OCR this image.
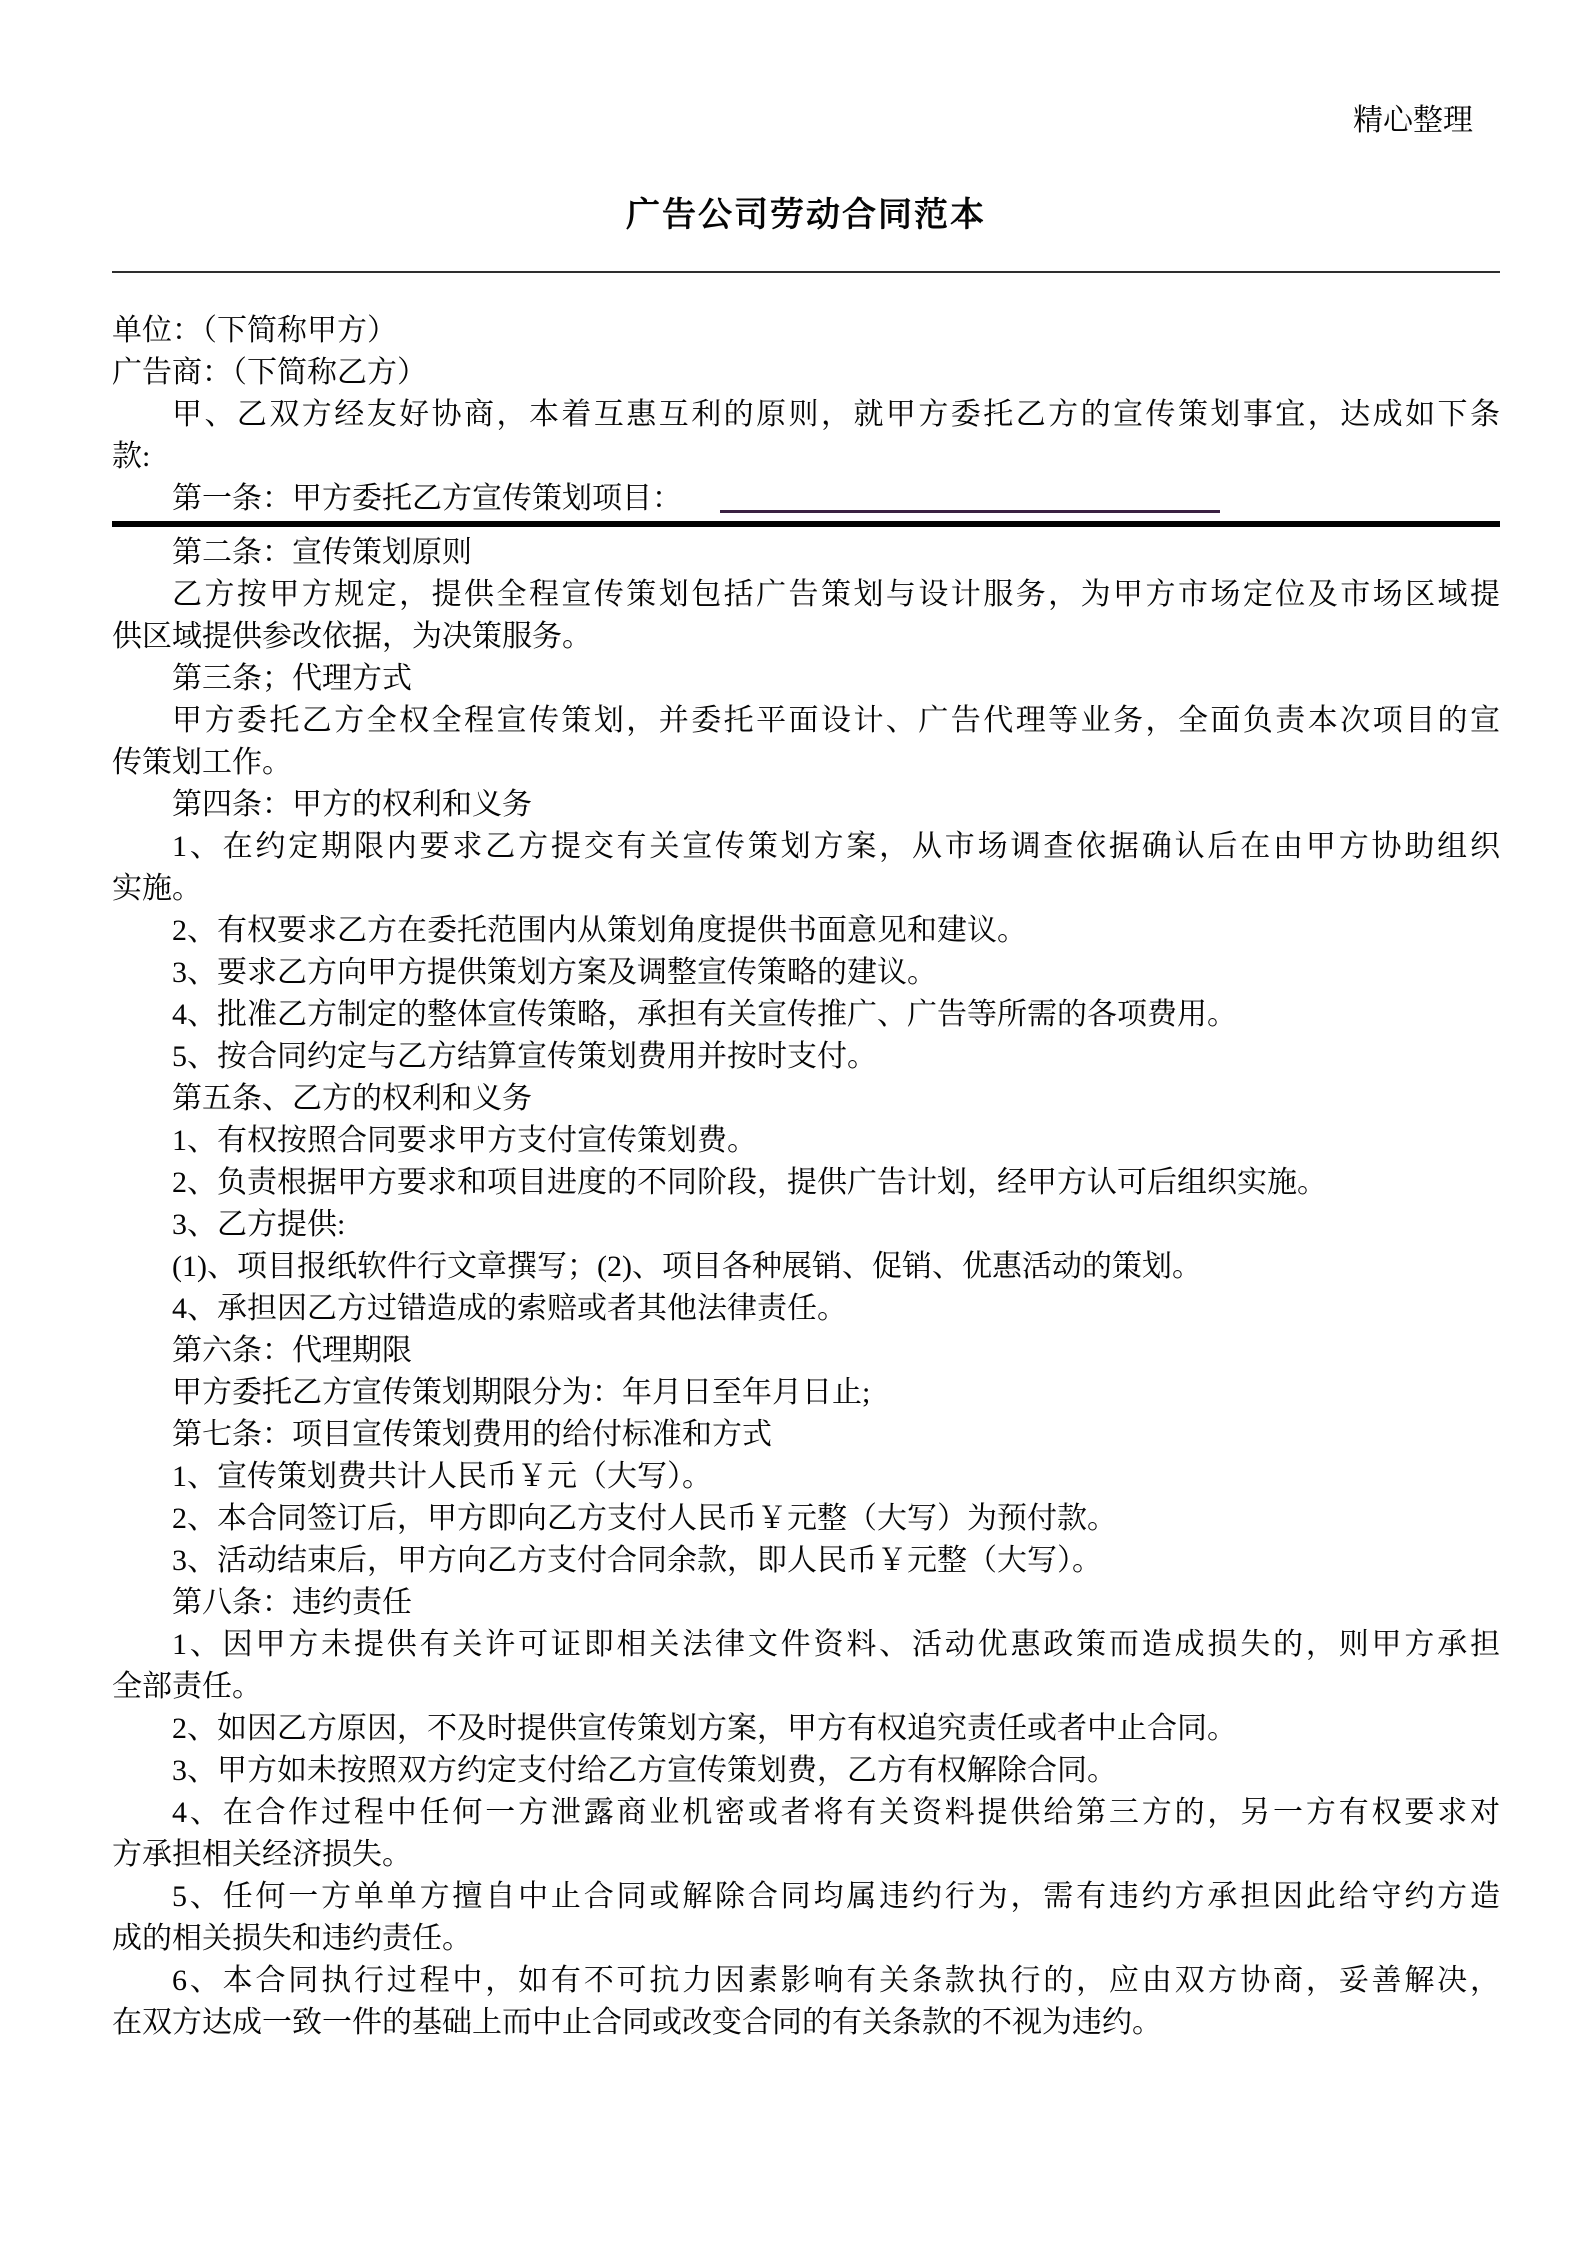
精心整理
广告公司劳动合同范本

单位：（下简称甲方）

广告商：（下简称乙方）

甲、乙双方经友好协商，本着互惠互利的原则，就甲方委托乙方的宣传策划事宜，达成如下条

款:

第一条：甲方委托乙方宣传策划项目：

第二条：宣传策划原则

乙方按甲方规定，提供全程宣传策划包括广告策划与设计服务，为甲方市场定位及市场区域提

供区域提供参改依据，为决策服务。

第三条；代理方式

甲方委托乙方全权全程宣传策划，并委托平面设计、广告代理等业务，全面负责本次项目的宣

传策划工作。

第四条：甲方的权利和义务

1、在约定期限内要求乙方提交有关宣传策划方案，从市场调查依据确认后在由甲方协助组织

实施。

2、有权要求乙方在委托范围内从策划角度提供书面意见和建议。

3、要求乙方向甲方提供策划方案及调整宣传策略的建议。

4、批准乙方制定的整体宣传策略，承担有关宣传推广、广告等所需的各项费用。

5、按合同约定与乙方结算宣传策划费用并按时支付。

第五条、乙方的权利和义务

1、有权按照合同要求甲方支付宣传策划费。

2、负责根据甲方要求和项目进度的不同阶段，提供广告计划，经甲方认可后组织实施。

3、乙方提供:

(1)、项目报纸软件行文章撰写；(2)、项目各种展销、促销、优惠活动的策划。

4、承担因乙方过错造成的索赔或者其他法律责任。

第六条：代理期限

甲方委托乙方宣传策划期限分为：年月日至年月日止;

第七条：项目宣传策划费用的给付标准和方式

1、宣传策划费共计人民币￥元（大写）。

2、本合同签订后，甲方即向乙方支付人民币￥元整（大写）为预付款。

3、活动结束后，甲方向乙方支付合同余款，即人民币￥元整（大写）。

第八条：违约责任

1、因甲方未提供有关许可证即相关法律文件资料、活动优惠政策而造成损失的，则甲方承担

全部责任。

2、如因乙方原因，不及时提供宣传策划方案，甲方有权追究责任或者中止合同。

3、甲方如未按照双方约定支付给乙方宣传策划费，乙方有权解除合同。

4、在合作过程中任何一方泄露商业机密或者将有关资料提供给第三方的，另一方有权要求对

方承担相关经济损失。

5、任何一方单单方擅自中止合同或解除合同均属违约行为，需有违约方承担因此给守约方造

成的相关损失和违约责任。

6、本合同执行过程中，如有不可抗力因素影响有关条款执行的，应由双方协商，妥善解决，

在双方达成一致一件的基础上而中止合同或改变合同的有关条款的不视为违约。
